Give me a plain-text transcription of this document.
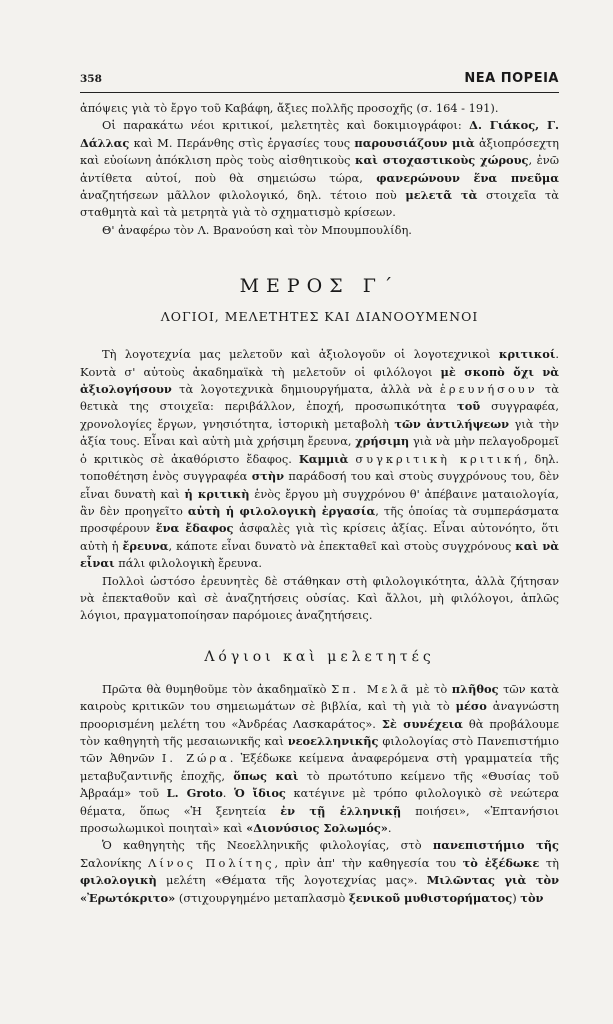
358	ΝΕΑ ΠΟΡΕΙΑ

ἀπόψεις γιὰ τὸ ἔργο τοῦ Καβάφη, ἄξιες πολλῆς προσοχῆς (σ. 164 - 191).

Οἱ παρακάτω νέοι κριτικοί, μελετητὲς καὶ δοκιμιογράφοι: Δ. Γιάκος, Γ. Δάλλας καὶ Μ. Περάνθης στὶς ἐργασίες τους παρουσιάζουν μιὰ ἀξιοπρόσεχτη καὶ εὐοίωνη ἀπόκλιση πρὸς τοὺς αἰσθητικοὺς καὶ στοχαστικοὺς χώρους, ἐνῶ ἀντίθετα αὐτοί, ποὺ θὰ σημειώσω τώρα, φανερώνουν ἕνα πνεῦμα ἀναζητήσεων μᾶλλον φιλολογικό, δηλ. τέτοιο ποὺ μελετᾶ τὰ στοιχεῖα τὰ σταθμητὰ καὶ τὰ μετρητὰ γιὰ τὸ σχηματισμὸ κρίσεων.

Θ' ἀναφέρω τὸν Λ. Βρανούση καὶ τὸν Μπουμπουλίδη.

ΜΕΡΟΣ Γ΄
ΛΟΓΙΟΙ, ΜΕΛΕΤΗΤΕΣ ΚΑΙ ΔΙΑΝΟΟΥΜΕΝΟΙ

Τὴ λογοτεχνία μας μελετοῦν καὶ ἀξιολογοῦν οἱ λογοτεχνικοὶ κριτικοί. Κοντὰ σ' αὐτοὺς ἀκαδημαϊκὰ τὴ μελετοῦν οἱ φιλόλογοι μὲ σκοπὸ ὄχι νὰ ἀξιολογήσουν τὰ λογοτεχνικὰ δημιουργήματα, ἀλλὰ νὰ ἐρευνήσουν τὰ θετικὰ της στοιχεῖα: περιβάλλον, ἐποχή, προσωπικότητα τοῦ συγγραφέα, χρονολογίες ἔργων, γνησιότητα, ἱστορικὴ μεταβολὴ τῶν ἀντιλήψεων γιὰ τὴν ἀξία τους. Εἶναι καὶ αὐτὴ μιὰ χρήσιμη ἔρευνα, χρήσιμη γιὰ νὰ μὴν πελαγοδρομεῖ ὁ κριτικὸς σὲ ἀκαθόριστο ἔδαφος. Καμμιὰ συγκριτικὴ κριτική, δηλ. τοποθέτηση ἑνὸς συγγραφέα στὴν παράδοσή του καὶ στοὺς συγχρόνους του, δὲν εἶναι δυνατὴ καὶ ἡ κριτικὴ ἑνὸς ἔργου μὴ συγχρόνου θ' ἀπέβαινε ματαιολογία, ἂν δὲν προηγεῖτο αὐτὴ ἡ φιλολογικὴ ἐργασία, τῆς ὁποίας τὰ συμπεράσματα προσφέρουν ἕνα ἔδαφος ἀσφαλὲς γιὰ τὶς κρίσεις ἀξίας. Εἶναι αὐτονόητο, ὅτι αὐτὴ ἡ ἔρευνα, κάποτε εἶναι δυνατὸ νὰ ἐπεκταθεῖ καὶ στοὺς συγχρόνους καὶ νὰ εἶναι πάλι φιλολογικὴ ἔρευνα.

Πολλοὶ ὡστόσο ἐρευνητὲς δὲ στάθηκαν στὴ φιλολογικότητα, ἀλλὰ ζήτησαν νὰ ἐπεκταθοῦν καὶ σὲ ἀναζητήσεις οὐσίας. Καὶ ἄλλοι, μὴ φιλόλογοι, ἁπλῶς λόγιοι, πραγματοποίησαν παρόμοιες ἀναζητήσεις.

Λόγιοι καὶ μελετητές

Πρῶτα θὰ θυμηθοῦμε τὸν ἀκαδημαϊκὸ Σπ. Μελᾶ μὲ τὸ πλῆθος τῶν κατὰ καιροὺς κριτικῶν του σημειωμάτων σὲ βιβλία, καὶ τὴ γιὰ τὸ μέσο ἀναγνώστη προορισμένη μελέτη του «Ἀνδρέας Λασκαράτος». Σὲ συνέχεια θὰ προβάλουμε τὸν καθηγητὴ τῆς μεσαιωνικῆς καὶ νεοελληνικῆς φιλολογίας στὸ Πανεπιστήμιο τῶν Ἀθηνῶν Ι. Ζώρα. Ἐξέδωκε κείμενα ἀναφερόμενα στὴ γραμματεία τῆς μεταβυζαντινῆς ἐποχῆς, ὅπως καὶ τὸ πρωτότυπο κείμενο τῆς «Θυσίας τοῦ Ἀβραάμ» τοῦ L. Groto. Ὁ ἴδιος κατέγινε μὲ τρόπο φιλολογικὸ σὲ νεώτερα θέματα, ὅπως «Ἡ ξενητεία ἐν τῇ ἑλληνικῇ ποιήσει», «Ἑπτανήσιοι προσωλωμικοὶ ποιηταὶ» καὶ «Διονύσιος Σολωμός».

Ὁ καθηγητὴς τῆς Νεοελληνικῆς φιλολογίας, στὸ πανεπιστήμιο τῆς Σαλονίκης Λίνος Πολίτης, πρὶν ἀπ' τὴν καθηγεσία του τὸ ἐξέδωκε τὴ φιλολογικὴ μελέτη «Θέματα τῆς λογοτεχνίας μας». Μιλῶντας γιὰ τὸν «Ἐρωτόκριτο» (στιχουργημένο μεταπλασμὸ ξενικοῦ μυθιστορήματος) τὸν
